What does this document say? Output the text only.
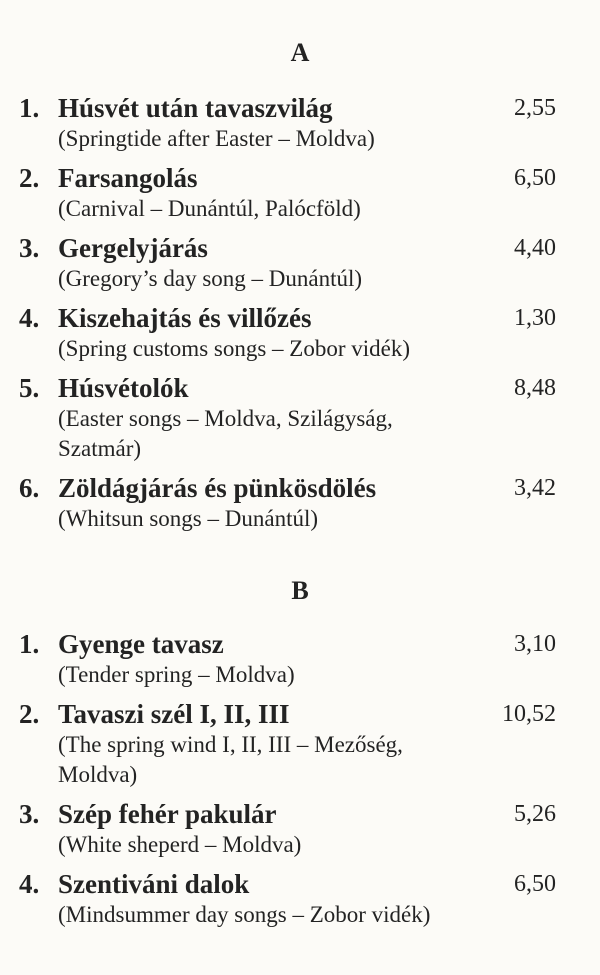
A
1. Húsvét után tavaszvilág	2,55
(Springtide after Easter – Moldva)
2. Farsangolás	6,50
(Carnival – Dunántúl, Palócföld)
3. Gergelyjárás	4,40
(Gregory’s day song – Dunántúl)
4. Kiszehajtás és villőzés	1,30
(Spring customs songs – Zobor vidék)
5. Húsvétolók	8,48
(Easter songs – Moldva, Szilágyság, Szatmár)
6. Zöldágjárás és pünkösdölés	3,42
(Whitsun songs – Dunántúl)
B
1. Gyenge tavasz	3,10
(Tender spring – Moldva)
2. Tavaszi szél I, II, III	10,52
(The spring wind I, II, III – Mezőség, Moldva)
3. Szép fehér pakulár	5,26
(White sheperd – Moldva)
4. Szentiváni dalok	6,50
(Mindsummer day songs – Zobor vidék)
